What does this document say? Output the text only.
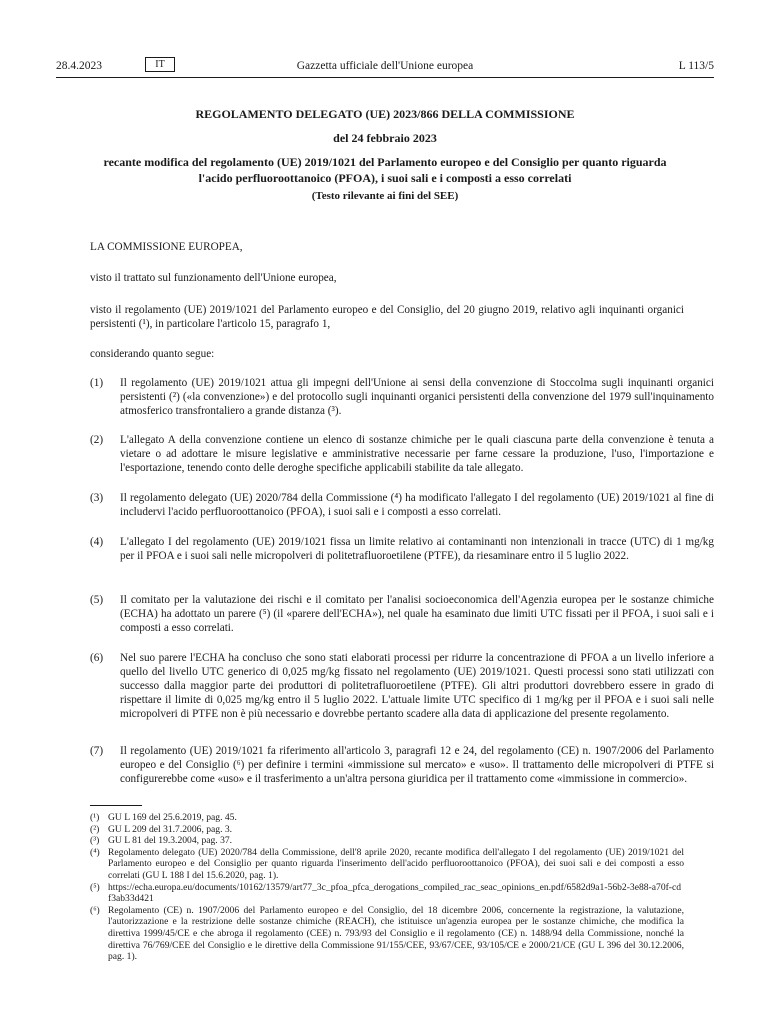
28.4.2023	IT	Gazzetta ufficiale dell'Unione europea	L 113/5
REGOLAMENTO DELEGATO (UE) 2023/866 DELLA COMMISSIONE
del 24 febbraio 2023
recante modifica del regolamento (UE) 2019/1021 del Parlamento europeo e del Consiglio per quanto riguarda l'acido perfluoroottanoico (PFOA), i suoi sali e i composti a esso correlati
(Testo rilevante ai fini del SEE)
LA COMMISSIONE EUROPEA,
visto il trattato sul funzionamento dell'Unione europea,
visto il regolamento (UE) 2019/1021 del Parlamento europeo e del Consiglio, del 20 giugno 2019, relativo agli inquinanti organici persistenti (¹), in particolare l'articolo 15, paragrafo 1,
considerando quanto segue:
(1) Il regolamento (UE) 2019/1021 attua gli impegni dell'Unione ai sensi della convenzione di Stoccolma sugli inquinanti organici persistenti (²) («la convenzione») e del protocollo sugli inquinanti organici persistenti della convenzione del 1979 sull'inquinamento atmosferico transfrontaliero a grande distanza (³).
(2) L'allegato A della convenzione contiene un elenco di sostanze chimiche per le quali ciascuna parte della convenzione è tenuta a vietare o ad adottare le misure legislative e amministrative necessarie per farne cessare la produzione, l'uso, l'importazione e l'esportazione, tenendo conto delle deroghe specifiche applicabili stabilite da tale allegato.
(3) Il regolamento delegato (UE) 2020/784 della Commissione (⁴) ha modificato l'allegato I del regolamento (UE) 2019/1021 al fine di includervi l'acido perfluoroottanoico (PFOA), i suoi sali e i composti a esso correlati.
(4) L'allegato I del regolamento (UE) 2019/1021 fissa un limite relativo ai contaminanti non intenzionali in tracce (UTC) di 1 mg/kg per il PFOA e i suoi sali nelle micropolveri di politetrafluoroetilene (PTFE), da riesaminare entro il 5 luglio 2022.
(5) Il comitato per la valutazione dei rischi e il comitato per l'analisi socioeconomica dell'Agenzia europea per le sostanze chimiche (ECHA) ha adottato un parere (⁵) (il «parere dell'ECHA»), nel quale ha esaminato due limiti UTC fissati per il PFOA, i suoi sali e i composti a esso correlati.
(6) Nel suo parere l'ECHA ha concluso che sono stati elaborati processi per ridurre la concentrazione di PFOA a un livello inferiore a quello del livello UTC generico di 0,025 mg/kg fissato nel regolamento (UE) 2019/1021. Questi processi sono stati utilizzati con successo dalla maggior parte dei produttori di politetrafluoroetilene (PTFE). Gli altri produttori dovrebbero essere in grado di rispettare il limite di 0,025 mg/kg entro il 5 luglio 2022. L'attuale limite UTC specifico di 1 mg/kg per il PFOA e i suoi sali nelle micropolveri di PTFE non è più necessario e dovrebbe pertanto scadere alla data di applicazione del presente regolamento.
(7) Il regolamento (UE) 2019/1021 fa riferimento all'articolo 3, paragrafi 12 e 24, del regolamento (CE) n. 1907/2006 del Parlamento europeo e del Consiglio (⁶) per definire i termini «immissione sul mercato» e «uso». Il trattamento delle micropolveri di PTFE si configurerebbe come «uso» e il trasferimento a un'altra persona giuridica per il trattamento come «immissione in commercio».
(¹) GU L 169 del 25.6.2019, pag. 45.
(²) GU L 209 del 31.7.2006, pag. 3.
(³) GU L 81 del 19.3.2004, pag. 37.
(⁴) Regolamento delegato (UE) 2020/784 della Commissione, dell'8 aprile 2020, recante modifica dell'allegato I del regolamento (UE) 2019/1021 del Parlamento europeo e del Consiglio per quanto riguarda l'inserimento dell'acido perfluoroottanoico (PFOA), dei suoi sali e dei composti a esso correlati (GU L 188 I del 15.6.2020, pag. 1).
(⁵) https://echa.europa.eu/documents/10162/13579/art77_3c_pfoa_pfca_derogations_compiled_rac_seac_opinions_en.pdf/6582d9a1-56b2-3e88-a70f-cdf3ab33d421
(⁶) Regolamento (CE) n. 1907/2006 del Parlamento europeo e del Consiglio, del 18 dicembre 2006, concernente la registrazione, la valutazione, l'autorizzazione e la restrizione delle sostanze chimiche (REACH), che istituisce un'agenzia europea per le sostanze chimiche, che modifica la direttiva 1999/45/CE e che abroga il regolamento (CEE) n. 793/93 del Consiglio e il regolamento (CE) n. 1488/94 della Commissione, nonché la direttiva 76/769/CEE del Consiglio e le direttive della Commissione 91/155/CEE, 93/67/CEE, 93/105/CE e 2000/21/CE (GU L 396 del 30.12.2006, pag. 1).
